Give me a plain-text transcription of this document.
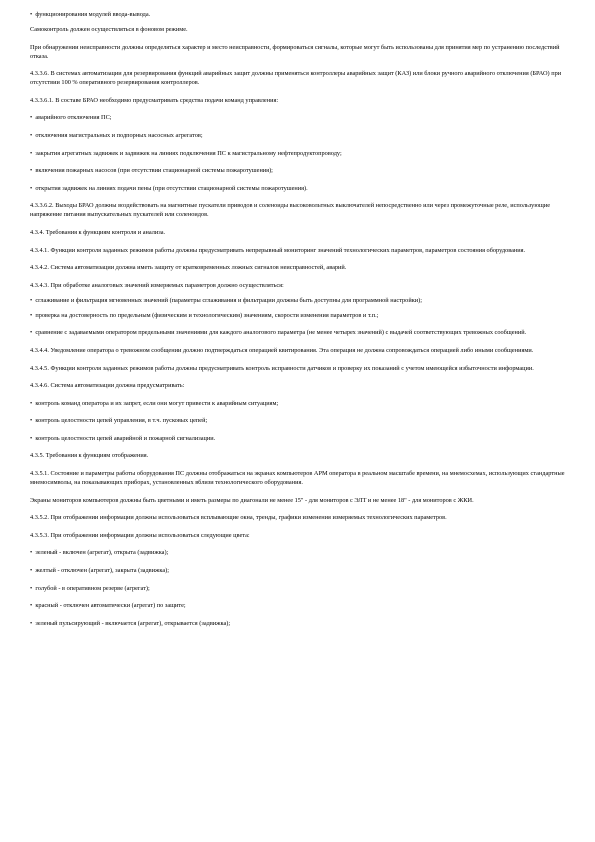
•  функционирования модулей ввода-вывода.

Самоконтроль должен осуществляться в фоновом режиме.

При обнаружении неисправности должны определяться характер и место неисправности, формироваться сигналы, которые могут быть использованы для принятия мер по устранению последствий отказа.

4.3.3.6. В системах автоматизации для резервирования функций аварийных защит должны применяться контроллеры аварийных защит (КАЗ) или блоки ручного аварийного отключения (БРАО) при отсутствии 100 % оперативного резервирования контроллеров.

4.3.3.6.1. В составе БРАО необходимо предусматривать средства подачи команд управления:

•  аварийного отключения ПС;

•  отключения магистральных и подпорных насосных агрегатов;

•  закрытия агрегатных задвижек и задвижек на линиях подключения ПС к магистральному нефтепродуктопроводу;

•  включения пожарных насосов (при отсутствии стационарной системы пожаротушения);

•  открытия задвижек на линиях подачи пены (при отсутствии стационарной системы пожаротушения).

4.3.3.6.2. Выходы БРАО должны воздействовать на магнитные пускатели приводов и соленоиды высоковольтных выключателей непосредственно или через промежуточные реле, использующие напряжение питания выпускательных пускателей или соленоидов.

4.3.4. Требования к функциям контроля и анализа.

4.3.4.1. Функции контроля заданных режимов работы должны предусматривать непрерывный мониторинг значений технологических параметров, параметров состояния оборудования.

4.3.4.2. Система автоматизации должна иметь защиту от кратковременных ложных сигналов неисправностей, аварий.

4.3.4.3. При обработке аналоговых значений измеряемых параметров должно осуществляться:

•  сглаживание и фильтрация мгновенных значений (параметры сглаживания и фильтрации должны быть доступны для программной настройки);

•  проверка на достоверность по предельным (физическим и технологическим) значениям, скорости изменения параметров и т.п.;

•  сравнение с задаваемыми оператором предельными значениями для каждого аналогового параметра (не менее четырех значений) с выдачей соответствующих тревожных сообщений.

4.3.4.4. Уведомление оператора о тревожном сообщении должно подтверждаться операцией квитирования. Эта операция не должна сопровождаться операцией либо иными сообщениями.

4.3.4.5. Функции контроля заданных режимов работы должны предусматривать контроль исправности датчиков и проверку их показаний с учетом имеющейся избыточности информации.

4.3.4.6. Система автоматизации должна предусматривать:

•  контроль команд оператора и их запрет, если они могут привести к аварийным ситуациям;

•  контроль целостности цепей управления, в т.ч. пусковых цепей;

•  контроль целостности цепей аварийной и пожарной сигнализации.

4.3.5. Требования к функциям отображения.

4.3.5.1. Состояние и параметры работы оборудования ПС должны отображаться на экранах компьютеров АРМ оператора в реальном масштабе времени, на мнемосхемах, использующих стандартные мнемосимволы, на показывающих приборах, установленных вблизи технологического оборудования.

Экраны мониторов компьютеров должны быть цветными и иметь размеры по диагонали не менее 15" - для мониторов с ЭЛТ и не менее 18" - для мониторов с ЖКИ.

4.3.5.2. При отображении информации должны использоваться всплывающие окна, тренды, графики изменения измеряемых технологических параметров.

4.3.5.3. При отображении информации должны использоваться следующие цвета:

•  зеленый - включен (агрегат), открыта (задвижка);

•  желтый - отключен (агрегат), закрыта (задвижка);

•  голубой - в оперативном резерве (агрегат);

•  красный - отключен автоматически (агрегат) по защите;

•  зеленый пульсирующий - включается (агрегат), открывается (задвижка);
